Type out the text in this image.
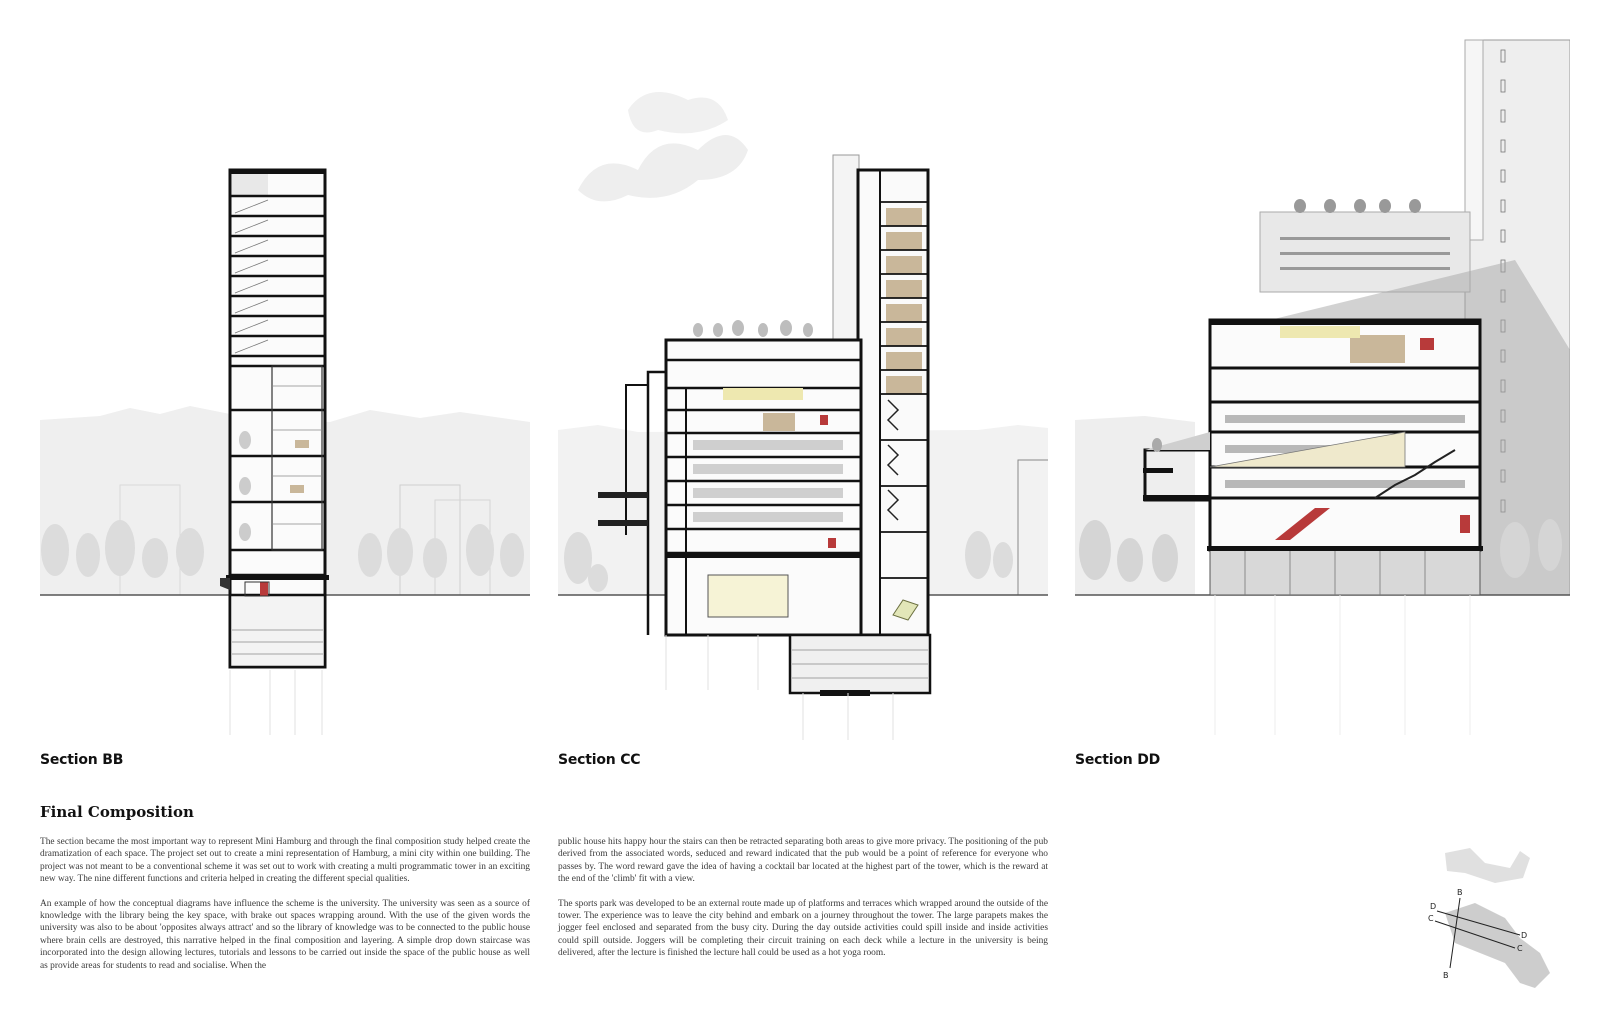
Section BB	Section CC	Section DD
Final Composition

The section became the most important way to represent Mini Hamburg and through the final composition study helped create the dramatization of each space. The project set out to create a mini representation of Hamburg, a mini city within one building. The project was not meant to be a conventional scheme it was set out to work with creating a multi programmatic tower in an exciting new way. The nine different functions and criteria helped in creating the different special qualities.

An example of how the conceptual diagrams have influence the scheme is the university. The university was seen as a source of knowledge with the library being the key space, with brake out spaces wrapping around. With the use of the given words the university was also to be about 'opposites always attract' and so the library of knowledge was to be connected to the public house where brain cells are destroyed, this narrative helped in the final composition and layering. A simple drop down staircase was incorporated into the design allowing lectures, tutorials and lessons to be carried out inside the space of the public house as well as provide areas for students to read and socialise. When the

public house hits happy hour the stairs can then be retracted separating both areas to give more privacy. The positioning of the pub derived from the associated words, seduced and reward indicated that the pub would be a point of reference for everyone who passes by. The word reward gave the idea of having a cocktail bar located at the highest part of the tower, which is the reward at the end of the 'climb' fit with a view.

The sports park was developed to be an external route made up of platforms and terraces which wrapped around the outside of the tower. The experience was to leave the city behind and embark on a journey throughout the tower. The large parapets makes the jogger feel enclosed and separated from the busy city. During the day outside activities could spill inside and inside activities could spill outside. Joggers will be completing their circuit training on each deck while a lecture in the university is being delivered, after the lecture is finished the lecture hall could be used as a hot yoga room.

B
D
C
D
C
B
